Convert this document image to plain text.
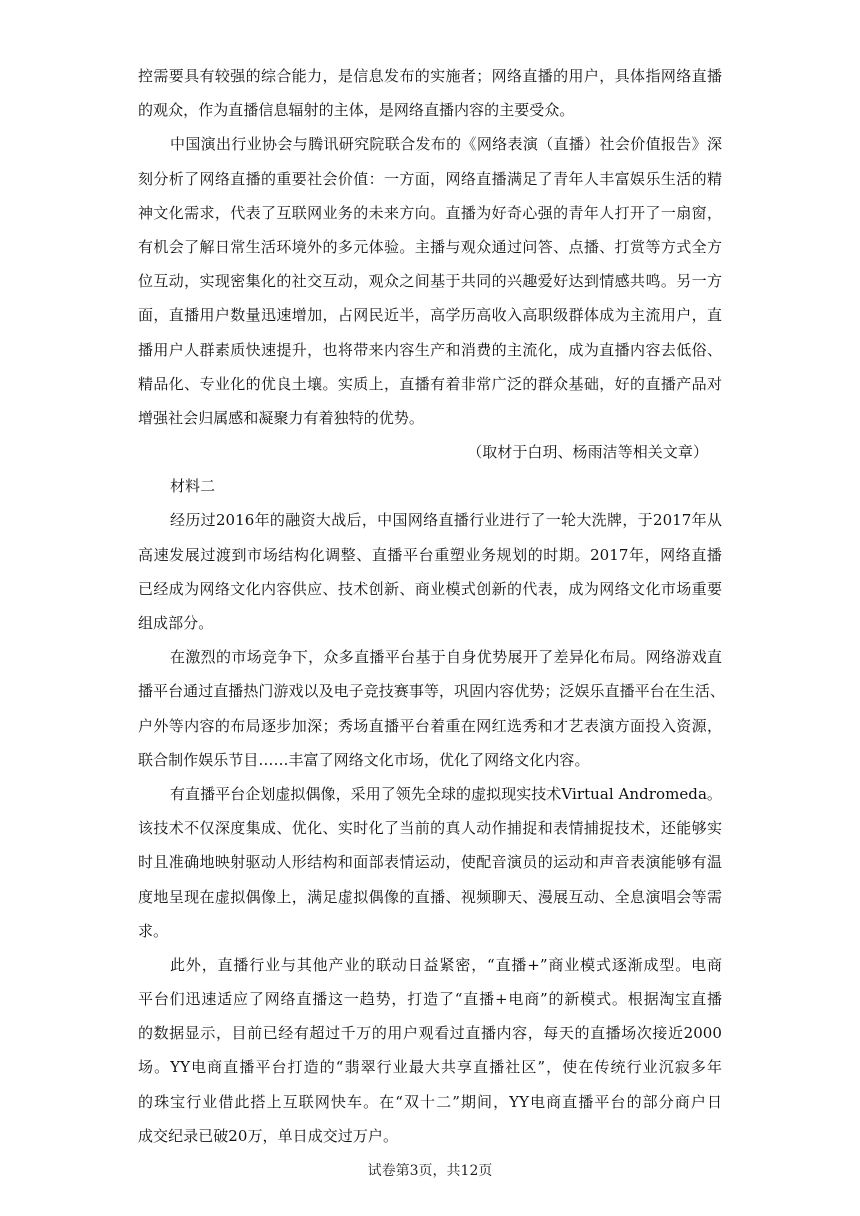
控需要具有较强的综合能力，是信息发布的实施者；网络直播的用户，具体指网络直播
的观众，作为直播信息辐射的主体，是网络直播内容的主要受众。
中国演出行业协会与腾讯研究院联合发布的《网络表演（直播）社会价值报告》深
刻分析了网络直播的重要社会价值：一方面，网络直播满足了青年人丰富娱乐生活的精
神文化需求，代表了互联网业务的未来方向。直播为好奇心强的青年人打开了一扇窗，
有机会了解日常生活环境外的多元体验。主播与观众通过问答、点播、打赏等方式全方
位互动，实现密集化的社交互动，观众之间基于共同的兴趣爱好达到情感共鸣。另一方
面，直播用户数量迅速增加，占网民近半，高学历高收入高职级群体成为主流用户，直
播用户人群素质快速提升，也将带来内容生产和消费的主流化，成为直播内容去低俗、
精品化、专业化的优良土壤。实质上，直播有着非常广泛的群众基础，好的直播产品对
增强社会归属感和凝聚力有着独特的优势。
（取材于白玥、杨雨洁等相关文章）
材料二
经历过2016年的融资大战后，中国网络直播行业进行了一轮大洗牌，于2017年从
高速发展过渡到市场结构化调整、直播平台重塑业务规划的时期。2017年，网络直播
已经成为网络文化内容供应、技术创新、商业模式创新的代表，成为网络文化市场重要
组成部分。
在激烈的市场竞争下，众多直播平台基于自身优势展开了差异化布局。网络游戏直
播平台通过直播热门游戏以及电子竞技赛事等，巩固内容优势；泛娱乐直播平台在生活、
户外等内容的布局逐步加深；秀场直播平台着重在网红选秀和才艺表演方面投入资源，
联合制作娱乐节目……丰富了网络文化市场，优化了网络文化内容。
有直播平台企划虚拟偶像，采用了领先全球的虚拟现实技术Virtual Andromeda。
该技术不仅深度集成、优化、实时化了当前的真人动作捕捉和表情捕捉技术，还能够实
时且准确地映射驱动人形结构和面部表情运动，使配音演员的运动和声音表演能够有温
度地呈现在虚拟偶像上，满足虚拟偶像的直播、视频聊天、漫展互动、全息演唱会等需
求。
此外，直播行业与其他产业的联动日益紧密，“直播+”商业模式逐渐成型。电商
平台们迅速适应了网络直播这一趋势，打造了“直播+电商”的新模式。根据淘宝直播
的数据显示，目前已经有超过千万的用户观看过直播内容，每天的直播场次接近2000
场。YY电商直播平台打造的“翡翠行业最大共享直播社区”，使在传统行业沉寂多年
的珠宝行业借此搭上互联网快车。在“双十二”期间，YY电商直播平台的部分商户日
成交纪录已破20万，单日成交过万户。
试卷第3页，共12页
